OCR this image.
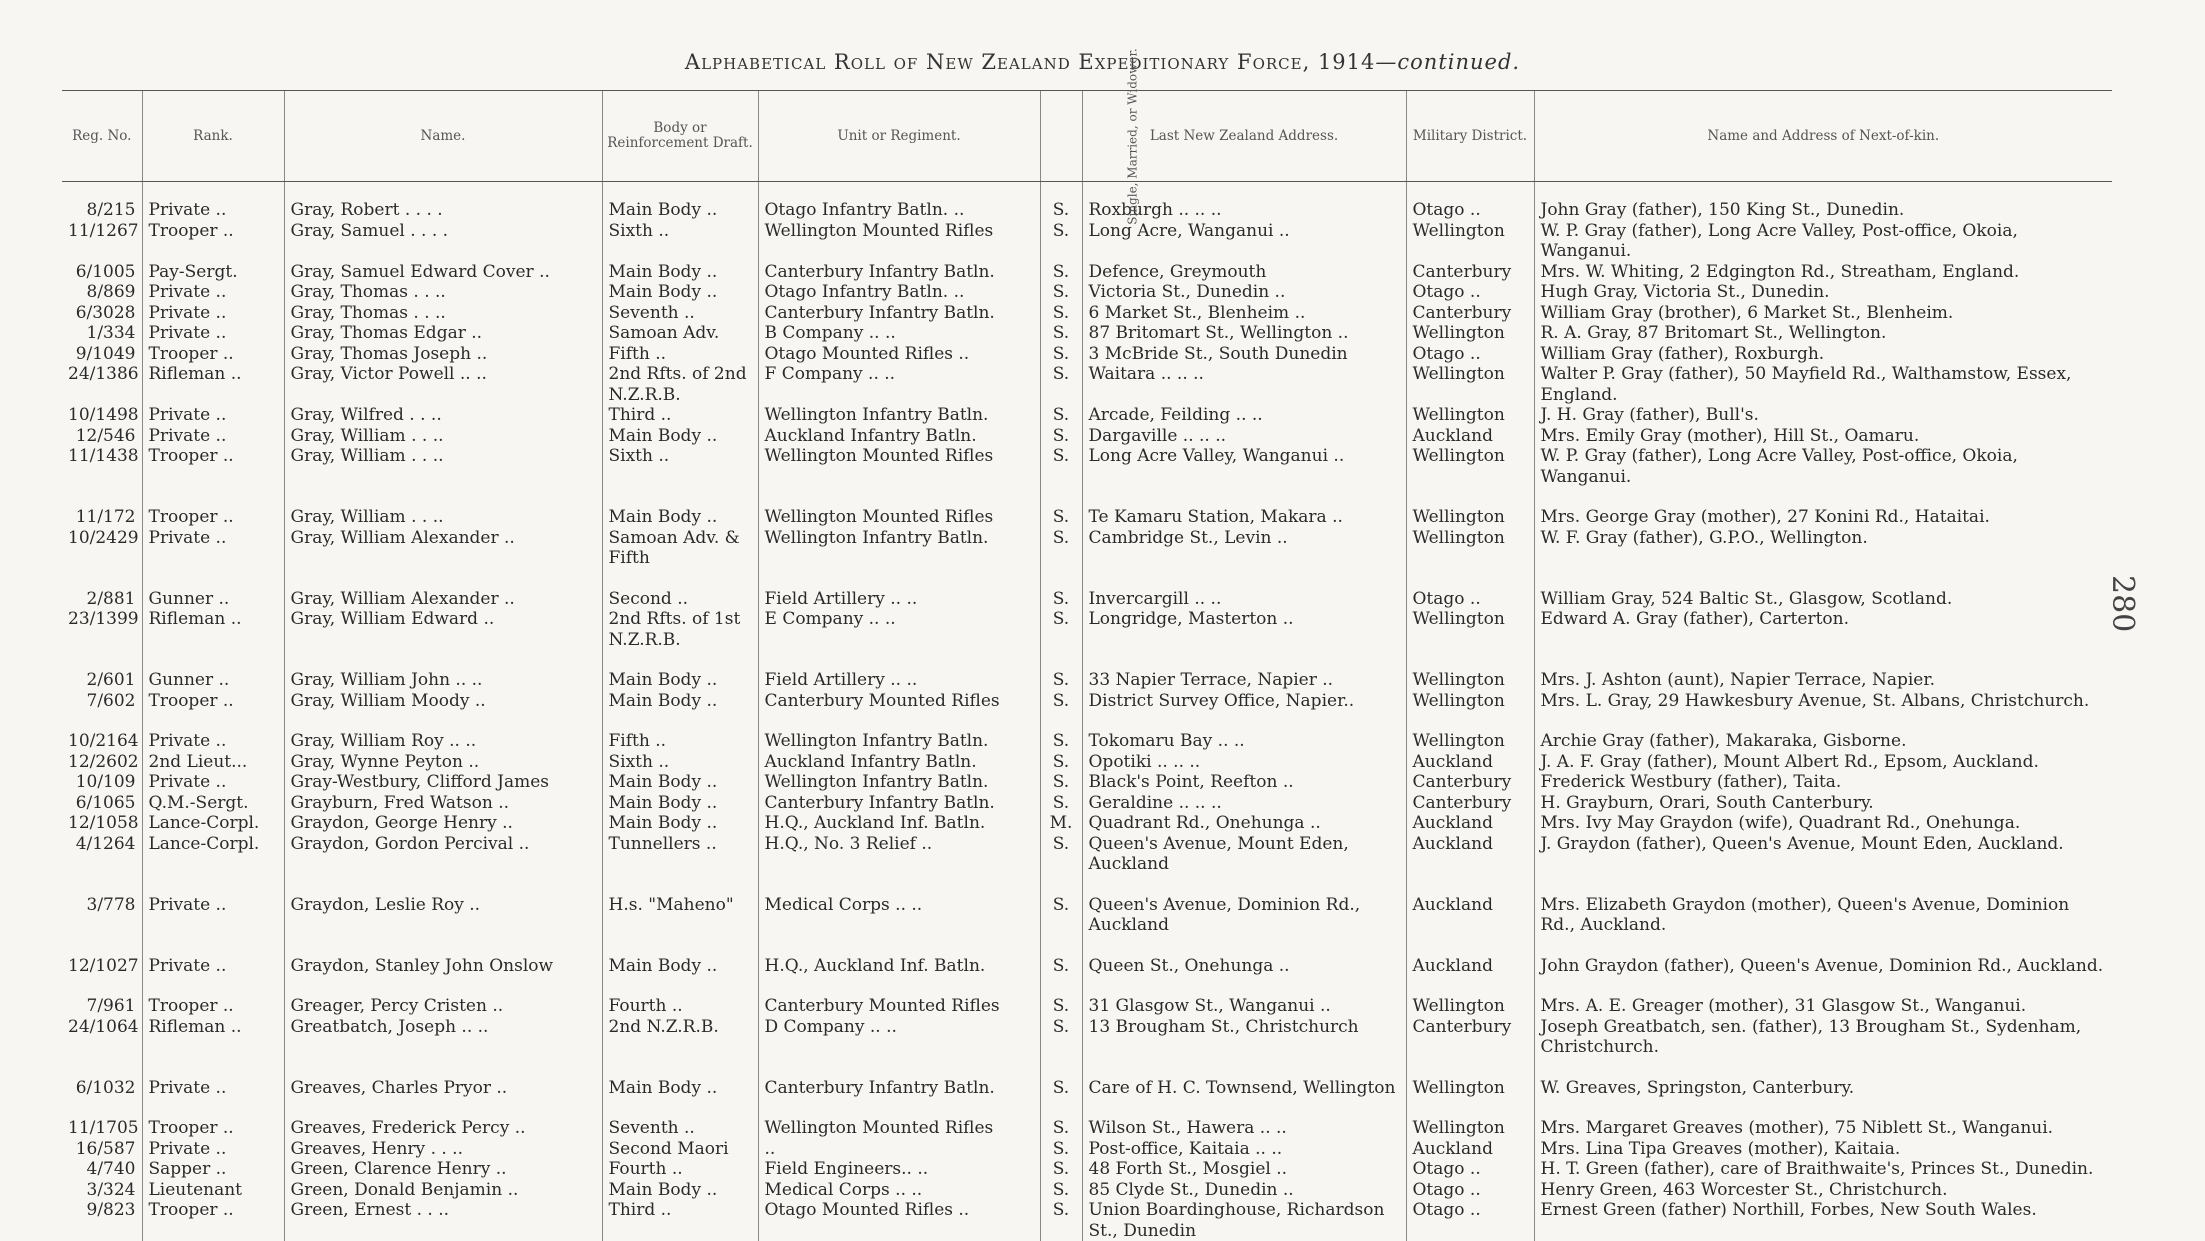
Alphabetical Roll of New Zealand Expeditionary Force, 1914—continued.
280
Reg. No.	Rank.	Name.	Body or Reinforcement Draft.	Unit or Regiment.	Single, Married, or Widower.	Last New Zealand Address.	Military District.	Name and Address of Next-of-kin.
8/215	Private ..	Gray, Robert . . . .	Main Body ..	Otago Infantry Batln. ..	S.	Roxburgh .. .. ..	Otago ..	John Gray (father), 150 King St., Dunedin.
11/1267	Trooper ..	Gray, Samuel . . . .	Sixth ..	Wellington Mounted Rifles	S.	Long Acre, Wanganui ..	Wellington	W. P. Gray (father), Long Acre Valley, Post-office, Okoia, Wanganui.
6/1005	Pay-Sergt.	Gray, Samuel Edward Cover ..	Main Body ..	Canterbury Infantry Batln.	S.	Defence, Greymouth	Canterbury	Mrs. W. Whiting, 2 Edgington Rd., Streatham, England.
8/869	Private ..	Gray, Thomas . . ..	Main Body ..	Otago Infantry Batln. ..	S.	Victoria St., Dunedin ..	Otago ..	Hugh Gray, Victoria St., Dunedin.
6/3028	Private ..	Gray, Thomas . . ..	Seventh ..	Canterbury Infantry Batln.	S.	6 Market St., Blenheim ..	Canterbury	William Gray (brother), 6 Market St., Blenheim.
1/334	Private ..	Gray, Thomas Edgar ..	Samoan Adv.	B Company .. ..	S.	87 Britomart St., Wellington ..	Wellington	R. A. Gray, 87 Britomart St., Wellington.
9/1049	Trooper ..	Gray, Thomas Joseph ..	Fifth ..	Otago Mounted Rifles ..	S.	3 McBride St., South Dunedin	Otago ..	William Gray (father), Roxburgh.
24/1386	Rifleman ..	Gray, Victor Powell .. ..	2nd Rfts. of 2nd N.Z.R.B.	F Company .. ..	S.	Waitara .. .. ..	Wellington	Walter P. Gray (father), 50 Mayfield Rd., Walthamstow, Essex, England.
10/1498	Private ..	Gray, Wilfred . . ..	Third ..	Wellington Infantry Batln.	S.	Arcade, Feilding .. ..	Wellington	J. H. Gray (father), Bull's.
12/546	Private ..	Gray, William . . ..	Main Body ..	Auckland Infantry Batln.	S.	Dargaville .. .. ..	Auckland	Mrs. Emily Gray (mother), Hill St., Oamaru.
11/1438	Trooper ..	Gray, William . . ..	Sixth ..	Wellington Mounted Rifles	S.	Long Acre Valley, Wanganui ..	Wellington	W. P. Gray (father), Long Acre Valley, Post-office, Okoia, Wanganui.
11/172	Trooper ..	Gray, William . . ..	Main Body ..	Wellington Mounted Rifles	S.	Te Kamaru Station, Makara ..	Wellington	Mrs. George Gray (mother), 27 Konini Rd., Hataitai.
10/2429	Private ..	Gray, William Alexander ..	Samoan Adv. & Fifth	Wellington Infantry Batln.	S.	Cambridge St., Levin ..	Wellington	W. F. Gray (father), G.P.O., Wellington.
2/881	Gunner ..	Gray, William Alexander ..	Second ..	Field Artillery .. ..	S.	Invercargill .. ..	Otago ..	William Gray, 524 Baltic St., Glasgow, Scotland.
23/1399	Rifleman ..	Gray, William Edward ..	2nd Rfts. of 1st N.Z.R.B.	E Company .. ..	S.	Longridge, Masterton ..	Wellington	Edward A. Gray (father), Carterton.
2/601	Gunner ..	Gray, William John .. ..	Main Body ..	Field Artillery .. ..	S.	33 Napier Terrace, Napier ..	Wellington	Mrs. J. Ashton (aunt), Napier Terrace, Napier.
7/602	Trooper ..	Gray, William Moody ..	Main Body ..	Canterbury Mounted Rifles	S.	District Survey Office, Napier..	Wellington	Mrs. L. Gray, 29 Hawkesbury Avenue, St. Albans, Christchurch.
10/2164	Private ..	Gray, William Roy .. ..	Fifth ..	Wellington Infantry Batln.	S.	Tokomaru Bay .. ..	Wellington	Archie Gray (father), Makaraka, Gisborne.
12/2602	2nd Lieut...	Gray, Wynne Peyton ..	Sixth ..	Auckland Infantry Batln.	S.	Opotiki .. .. ..	Auckland	J. A. F. Gray (father), Mount Albert Rd., Epsom, Auckland.
10/109	Private ..	Gray-Westbury, Clifford James	Main Body ..	Wellington Infantry Batln.	S.	Black's Point, Reefton ..	Canterbury	Frederick Westbury (father), Taita.
6/1065	Q.M.-Sergt.	Grayburn, Fred Watson ..	Main Body ..	Canterbury Infantry Batln.	S.	Geraldine .. .. ..	Canterbury	H. Grayburn, Orari, South Canterbury.
12/1058	Lance-Corpl.	Graydon, George Henry ..	Main Body ..	H.Q., Auckland Inf. Batln.	M.	Quadrant Rd., Onehunga ..	Auckland	Mrs. Ivy May Graydon (wife), Quadrant Rd., Onehunga.
4/1264	Lance-Corpl.	Graydon, Gordon Percival ..	Tunnellers ..	H.Q., No. 3 Relief ..	S.	Queen's Avenue, Mount Eden, Auckland	Auckland	J. Graydon (father), Queen's Avenue, Mount Eden, Auckland.
3/778	Private ..	Graydon, Leslie Roy ..	H.s. "Maheno"	Medical Corps .. ..	S.	Queen's Avenue, Dominion Rd., Auckland	Auckland	Mrs. Elizabeth Graydon (mother), Queen's Avenue, Dominion Rd., Auckland.
12/1027	Private ..	Graydon, Stanley John Onslow	Main Body ..	H.Q., Auckland Inf. Batln.	S.	Queen St., Onehunga ..	Auckland	John Graydon (father), Queen's Avenue, Dominion Rd., Auckland.
7/961	Trooper ..	Greager, Percy Cristen ..	Fourth ..	Canterbury Mounted Rifles	S.	31 Glasgow St., Wanganui ..	Wellington	Mrs. A. E. Greager (mother), 31 Glasgow St., Wanganui.
24/1064	Rifleman ..	Greatbatch, Joseph .. ..	2nd N.Z.R.B.	D Company .. ..	S.	13 Brougham St., Christchurch	Canterbury	Joseph Greatbatch, sen. (father), 13 Brougham St., Sydenham, Christchurch.
6/1032	Private ..	Greaves, Charles Pryor ..	Main Body ..	Canterbury Infantry Batln.	S.	Care of H. C. Townsend, Wellington	Wellington	W. Greaves, Springston, Canterbury.
11/1705	Trooper ..	Greaves, Frederick Percy ..	Seventh ..	Wellington Mounted Rifles	S.	Wilson St., Hawera .. ..	Wellington	Mrs. Margaret Greaves (mother), 75 Niblett St., Wanganui.
16/587	Private ..	Greaves, Henry . . ..	Second Maori	..	S.	Post-office, Kaitaia .. ..	Auckland	Mrs. Lina Tipa Greaves (mother), Kaitaia.
4/740	Sapper ..	Green, Clarence Henry ..	Fourth ..	Field Engineers.. ..	S.	48 Forth St., Mosgiel ..	Otago ..	H. T. Green (father), care of Braithwaite's, Princes St., Dunedin.
3/324	Lieutenant	Green, Donald Benjamin ..	Main Body ..	Medical Corps .. ..	S.	85 Clyde St., Dunedin ..	Otago ..	Henry Green, 463 Worcester St., Christchurch.
9/823	Trooper ..	Green, Ernest . . ..	Third ..	Otago Mounted Rifles ..	S.	Union Boardinghouse, Richardson St., Dunedin	Otago ..	Ernest Green (father) Northill, Forbes, New South Wales.
